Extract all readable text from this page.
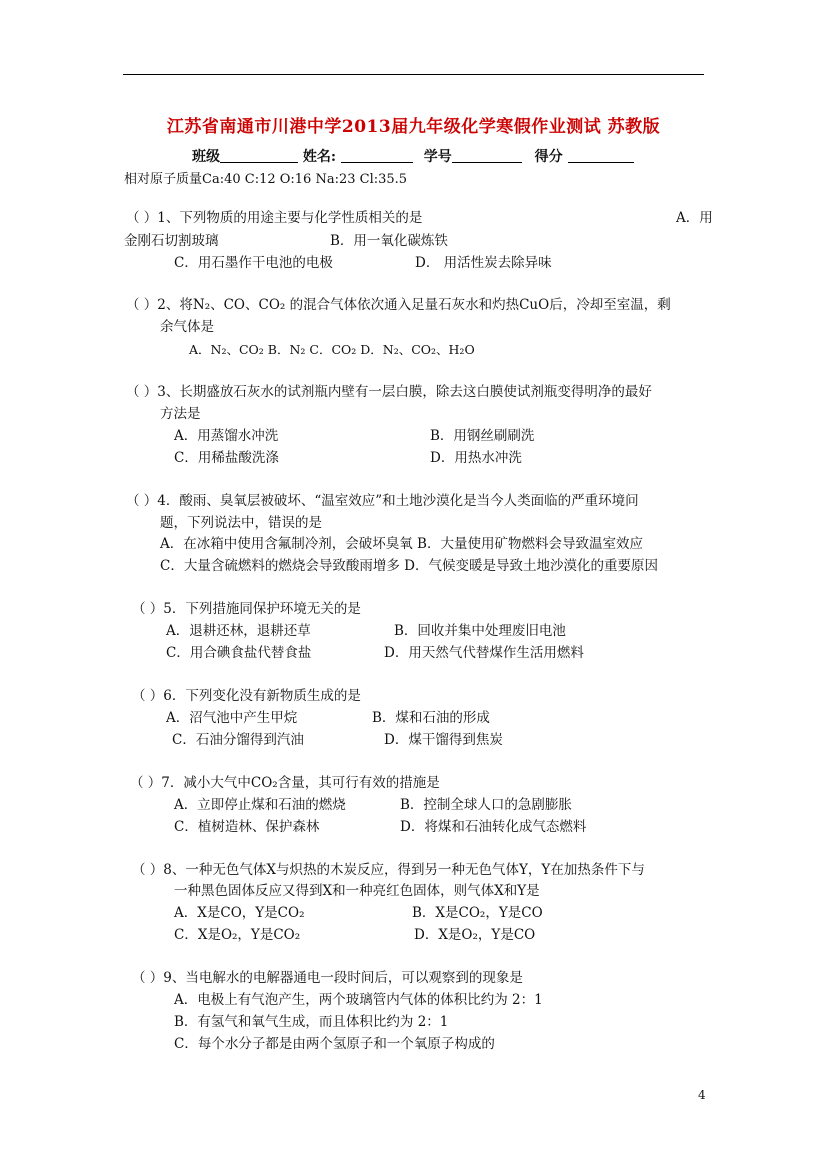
江苏省南通市川港中学2013届九年级化学寒假作业测试 苏教版
班级	姓名:	学号	得分
相对原子质量Ca:40 C:12 O:16 Na:23 Cl:35.5
（ ）1、下列物质的用途主要与化学性质相关的是	A．用
金刚石切割玻璃	B．用一氧化碳炼铁
C．用石墨作干电池的电极	D． 用活性炭去除异味
（ ）2、将N₂、CO、CO₂ 的混合气体依次通入足量石灰水和灼热CuO后，冷却至室温，剩
余气体是
A．N₂、CO₂ B．N₂ C．CO₂ D．N₂、CO₂、H₂O
（ ）3、长期盛放石灰水的试剂瓶内壁有一层白膜，除去这白膜使试剂瓶变得明净的最好
方法是
A．用蒸馏水冲洗	B．用钢丝刷刷洗
C．用稀盐酸洗涤	D．用热水冲洗
（ ）4．酸雨、臭氧层被破坏、“温室效应”和土地沙漠化是当今人类面临的严重环境问
题，下列说法中，错误的是
A．在冰箱中使用含氟制冷剂，会破坏臭氧 B．大量使用矿物燃料会导致温室效应
C．大量含硫燃料的燃烧会导致酸雨增多 D．气候变暖是导致土地沙漠化的重要原因
（ ）5．下列措施同保护环境无关的是
A．退耕还林，退耕还草	B．回收并集中处理废旧电池
C．用合碘食盐代替食盐	D．用天然气代替煤作生活用燃料
（ ）6．下列变化没有新物质生成的是
A．沼气池中产生甲烷	B．煤和石油的形成
C．石油分馏得到汽油	D．煤干馏得到焦炭
（ ）7．减小大气中CO₂含量，其可行有效的措施是
A．立即停止煤和石油的燃烧	B．控制全球人口的急剧膨胀
C．植树造林、保护森林	D．将煤和石油转化成气态燃料
（ ）8、一种无色气体X与炽热的木炭反应，得到另一种无色气体Y，Y在加热条件下与
一种黑色固体反应又得到X和一种亮红色固体，则气体X和Y是
A．X是CO，Y是CO₂	B．X是CO₂，Y是CO
C．X是O₂，Y是CO₂	D．X是O₂，Y是CO
（ ）9、当电解水的电解器通电一段时间后，可以观察到的现象是
A．电极上有气泡产生，两个玻璃管内气体的体积比约为 2：1
B．有氢气和氧气生成，而且体积比约为 2：1
C．每个水分子都是由两个氢原子和一个氧原子构成的
4
